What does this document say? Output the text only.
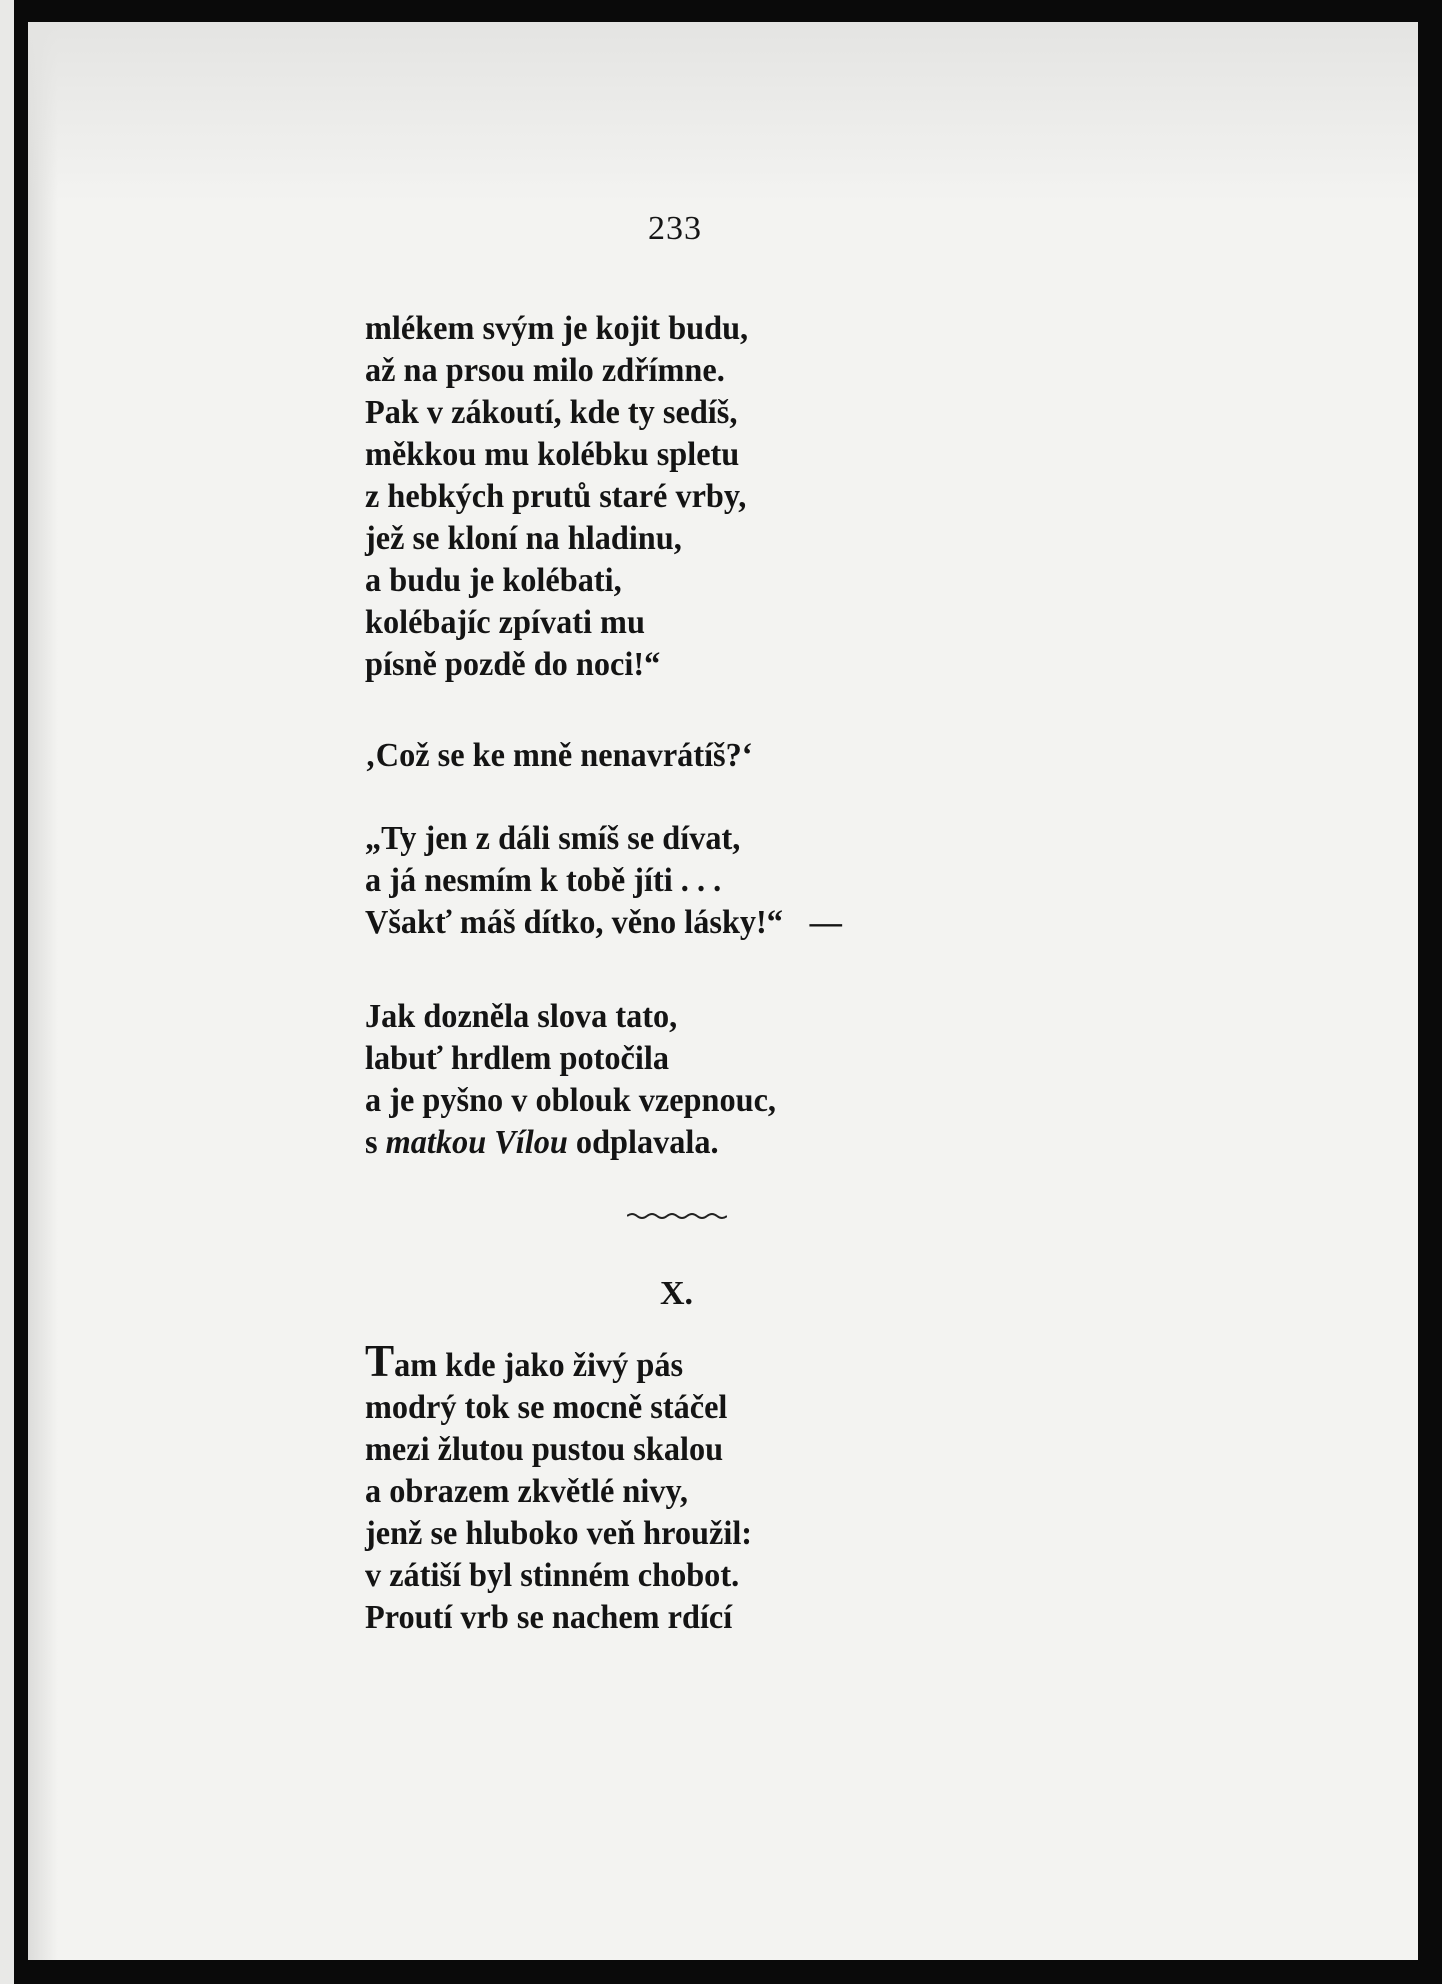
233
mlékem svým je kojit budu,
až na prsou milo zdřímne.
Pak v zákoutí, kde ty sedíš,
měkkou mu kolébku spletu
z hebkých prutů staré vrby,
jež se kloní na hladinu,
a budu je kolébati,
kolébajíc zpívati mu
písně pozdě do noci!“
‚Což se ke mně nenavrátíš?‘
„Ty jen z dáli smíš se dívat,
a já nesmím k tobě jíti . . .
Všakť máš dítko, věno lásky!“ —
Jak dozněla slova tato,
labuť hrdlem potočila
a je pyšno v oblouk vzepnouc,
s matkou Vílou odplavala.
X.
Tam kde jako živý pás
modrý tok se mocně stáčel
mezi žlutou pustou skalou
a obrazem zkvětlé nivy,
jenž se hluboko veň hroužil:
v zátiší byl stinném chobot.
Proutí vrb se nachem rdící
